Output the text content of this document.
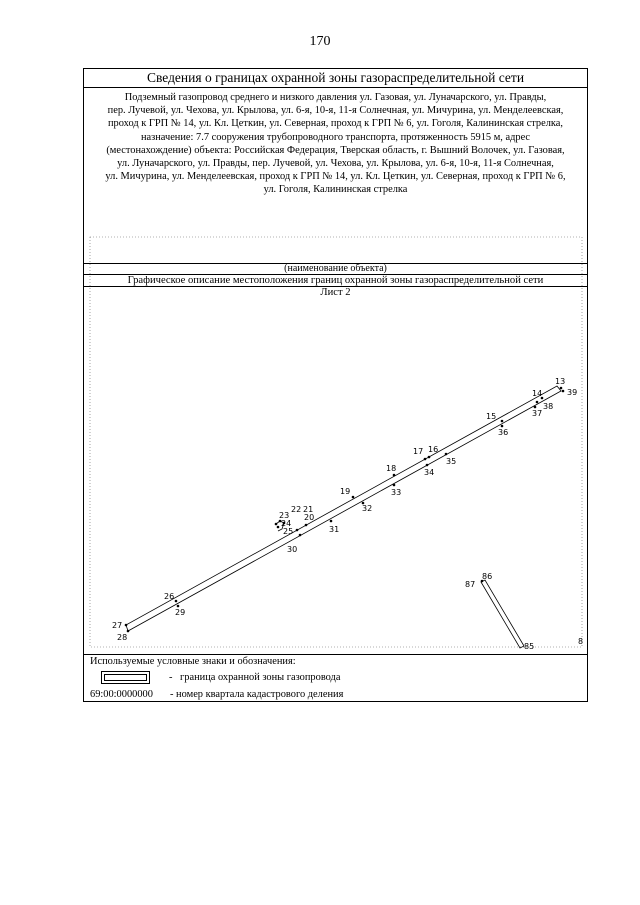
170
Сведения о границах охранной зоны газораспределительной сети
Подземный газопровод среднего и низкого давления ул. Газовая, ул. Луначарского, ул. Правды,
пер. Лучевой, ул. Чехова, ул. Крылова, ул. 6-я, 10-я, 11-я Солнечная, ул. Мичурина, ул. Менделеевская,
проход к ГРП № 14, ул. Кл. Цеткин, ул. Северная, проход к ГРП № 6, ул. Гоголя, Калининская стрелка,
назначение: 7.7 сооружения трубопроводного транспорта, протяженность 5915 м, адрес
(местонахождение) объекта: Российская Федерация, Тверская область, г. Вышний Волочек, ул. Газовая,
ул. Луначарского, ул. Правды, пер. Лучевой, ул. Чехова, ул. Крылова, ул. 6-я, 10-я, 11-я Солнечная,
ул. Мичурина, ул. Менделеевская, проход к ГРП № 14, ул. Кл. Цеткин, ул. Северная, проход к ГРП № 6,
ул. Гоголя, Калининская стрелка
(наименование объекта)
Графическое описание местоположения границ охранной зоны газораспределительной сети
Лист 2
13
14
15
16
17
18
19
20
21
22
23
24
25
26
27
28
29
30
31
32
33
34
35
36
37
38
39
85
86
87
8
Используемые условные знаки и обозначения:
- граница охранной зоны газопровода
69:00:0000000 - номер квартала кадастрового деления
